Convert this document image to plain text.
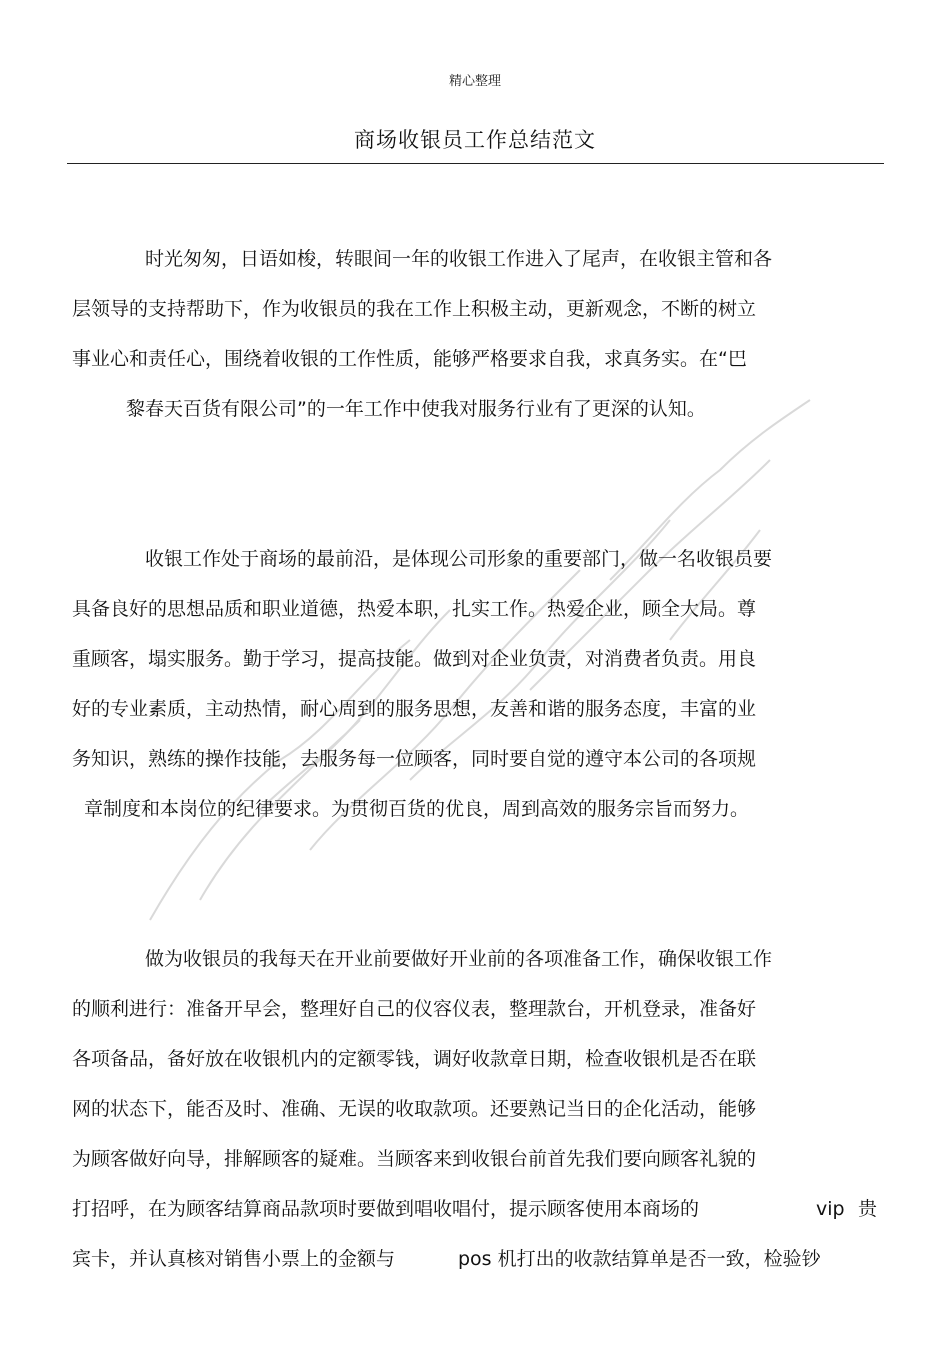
精心整理
商场收银员工作总结范文
时光匆匆，日语如梭，转眼间一年的收银工作进入了尾声，在收银主管和各
层领导的支持帮助下，作为收银员的我在工作上积极主动，更新观念，不断的树立
事业心和责任心，围绕着收银的工作性质，能够严格要求自我，求真务实。在“巴
黎春天百货有限公司”的一年工作中使我对服务行业有了更深的认知。
收银工作处于商场的最前沿，是体现公司形象的重要部门，做一名收银员要
具备良好的思想品质和职业道德，热爱本职，扎实工作。热爱企业，顾全大局。尊
重顾客，塌实服务。勤于学习，提高技能。做到对企业负责，对消费者负责。用良
好的专业素质，主动热情，耐心周到的服务思想，友善和谐的服务态度，丰富的业
务知识，熟练的操作技能，去服务每一位顾客，同时要自觉的遵守本公司的各项规
章制度和本岗位的纪律要求。为贯彻百货的优良，周到高效的服务宗旨而努力。
做为收银员的我每天在开业前要做好开业前的各项准备工作，确保收银工作
的顺利进行：准备开早会，整理好自己的仪容仪表，整理款台，开机登录，准备好
各项备品，备好放在收银机内的定额零钱，调好收款章日期，检查收银机是否在联
网的状态下，能否及时、准确、无误的收取款项。还要熟记当日的企化活动，能够
为顾客做好向导，排解顾客的疑难。当顾客来到收银台前首先我们要向顾客礼貌的
打招呼，在为顾客结算商品款项时要做到唱收唱付，提示顾客使用本商场的	vip 贵
宾卡，并认真核对销售小票上的金额与	pos 机打出的收款结算单是否一致，检验钞
